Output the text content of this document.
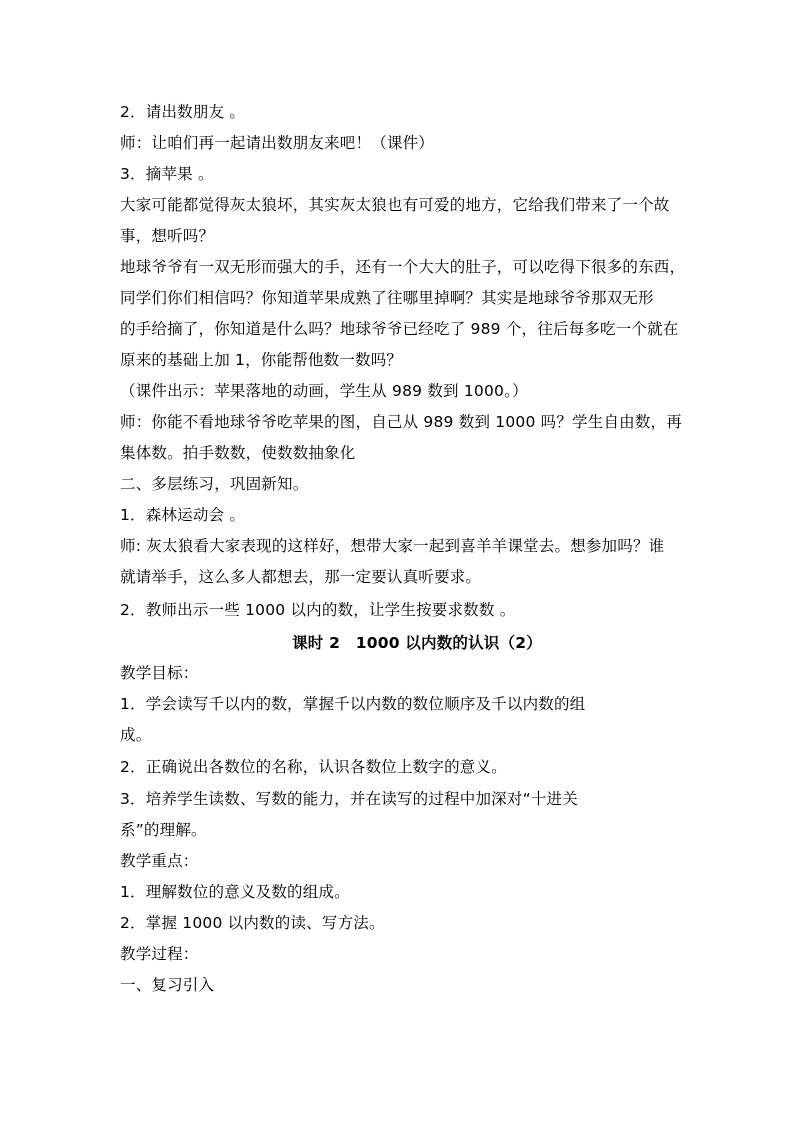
2．请出数朋友 。
师：让咱们再一起请出数朋友来吧！（课件）
3．摘苹果 。
大家可能都觉得灰太狼坏，其实灰太狼也有可爱的地方，它给我们带来了一个故
事，想听吗？
地球爷爷有一双无形而强大的手，还有一个大大的肚子，可以吃得下很多的东西，
同学们你们相信吗？你知道苹果成熟了往哪里掉啊？其实是地球爷爷那双无形
的手给摘了，你知道是什么吗？地球爷爷已经吃了 989 个，往后每多吃一个就在
原来的基础上加 1，你能帮他数一数吗？
（课件出示：苹果落地的动画，学生从 989 数到 1000。）
师：你能不看地球爷爷吃苹果的图，自己从 989 数到 1000 吗？学生自由数，再
集体数。拍手数数，使数数抽象化
二、多层练习，巩固新知。
1．森林运动会 。
师: 灰太狼看大家表现的这样好，想带大家一起到喜羊羊课堂去。想参加吗？谁
就请举手，这么多人都想去，那一定要认真听要求。
2．教师出示一些 1000 以内的数，让学生按要求数数 。
课时 2　1000 以内数的认识（2）
教学目标：
1．学会读写千以内的数，掌握千以内数的数位顺序及千以内数的组
成。
2．正确说出各数位的名称，认识各数位上数字的意义。
3．培养学生读数、写数的能力，并在读写的过程中加深对“十进关
系”的理解。
教学重点：
1．理解数位的意义及数的组成。
2．掌握 1000 以内数的读、写方法。
教学过程：
一、复习引入
